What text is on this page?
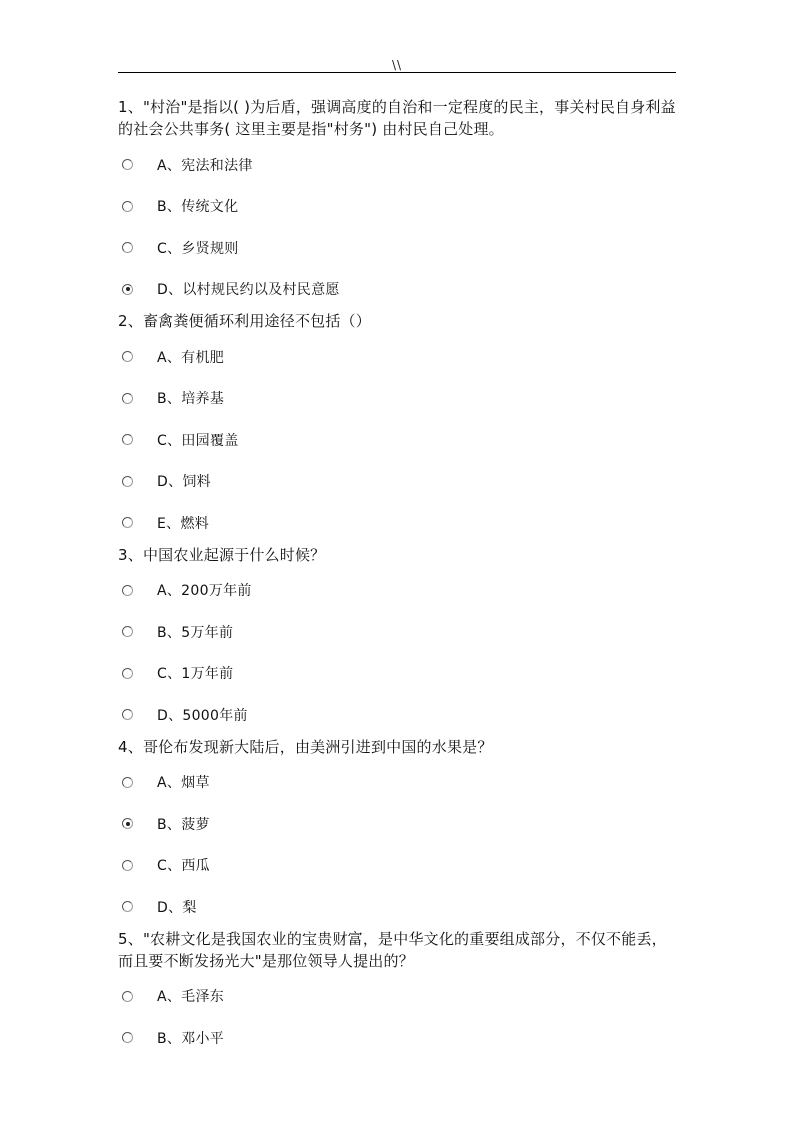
\\

1、"村治"是指以( )为后盾，强调高度的自治和一定程度的民主，事关村民自身利益的社会公共事务( 这里主要是指"村务") 由村民自己处理。

A、宪法和法律
B、传统文化
C、乡贤规则
D、以村规民约以及村民意愿

2、畜禽粪便循环利用途径不包括（）

A、有机肥
B、培养基
C、田园覆盖
D、饲料
E、燃料

3、中国农业起源于什么时候？

A、200万年前
B、5万年前
C、1万年前
D、5000年前

4、哥伦布发现新大陆后，由美洲引进到中国的水果是？

A、烟草
B、菠萝
C、西瓜
D、梨

5、"农耕文化是我国农业的宝贵财富，是中华文化的重要组成部分，不仅不能丢，而且要不断发扬光大"是那位领导人提出的？

A、毛泽东
B、邓小平
